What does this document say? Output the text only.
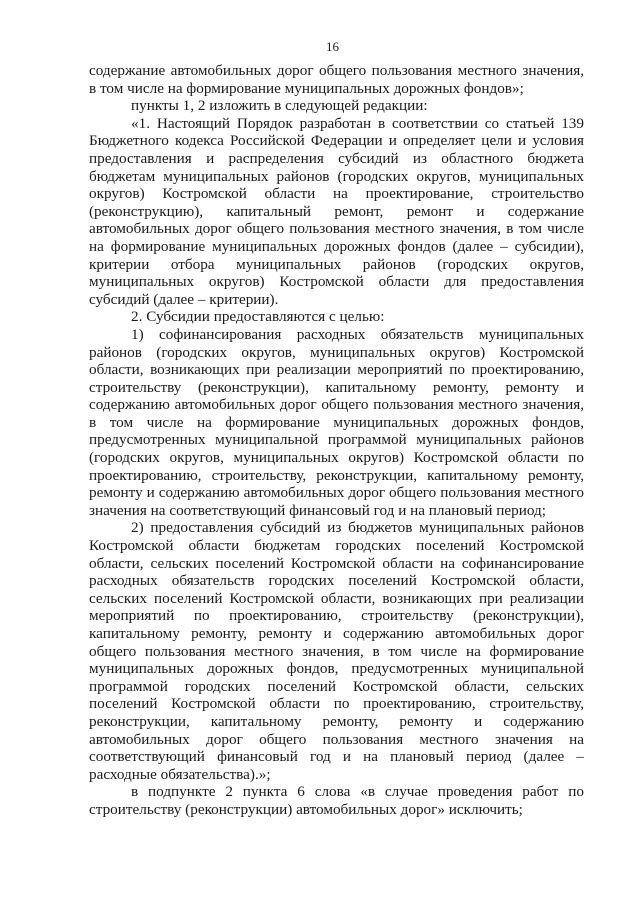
16

содержание автомобильных дорог общего пользования местного значения, в том числе на формирование муниципальных дорожных фондов»;

пункты 1, 2 изложить в следующей редакции:

«1. Настоящий Порядок разработан в соответствии со статьей 139 Бюджетного кодекса Российской Федерации и определяет цели и условия предоставления и распределения субсидий из областного бюджета бюджетам муниципальных районов (городских округов, муниципальных округов) Костромской области на проектирование, строительство (реконструкцию), капитальный ремонт, ремонт и содержание автомобильных дорог общего пользования местного значения, в том числе на формирование муниципальных дорожных фондов (далее – субсидии), критерии отбора муниципальных районов (городских округов, муниципальных округов) Костромской области для предоставления субсидий (далее – критерии).

2. Субсидии предоставляются с целью:

1) софинансирования расходных обязательств муниципальных районов (городских округов, муниципальных округов) Костромской области, возникающих при реализации мероприятий по проектированию, строительству (реконструкции), капитальному ремонту, ремонту и содержанию автомобильных дорог общего пользования местного значения, в том числе на формирование муниципальных дорожных фондов, предусмотренных муниципальной программой муниципальных районов (городских округов, муниципальных округов) Костромской области по проектированию, строительству, реконструкции, капитальному ремонту, ремонту и содержанию автомобильных дорог общего пользования местного значения на соответствующий финансовый год и на плановый период;

2) предоставления субсидий из бюджетов муниципальных районов Костромской области бюджетам городских поселений Костромской области, сельских поселений Костромской области на софинансирование расходных обязательств городских поселений Костромской области, сельских поселений Костромской области, возникающих при реализации мероприятий по проектированию, строительству (реконструкции), капитальному ремонту, ремонту и содержанию автомобильных дорог общего пользования местного значения, в том числе на формирование муниципальных дорожных фондов, предусмотренных муниципальной программой городских поселений Костромской области, сельских поселений Костромской области по проектированию, строительству, реконструкции, капитальному ремонту, ремонту и содержанию автомобильных дорог общего пользования местного значения на соответствующий финансовый год и на плановый период (далее – расходные обязательства).»;

в подпункте 2 пункта 6 слова «в случае проведения работ по строительству (реконструкции) автомобильных дорог» исключить;
